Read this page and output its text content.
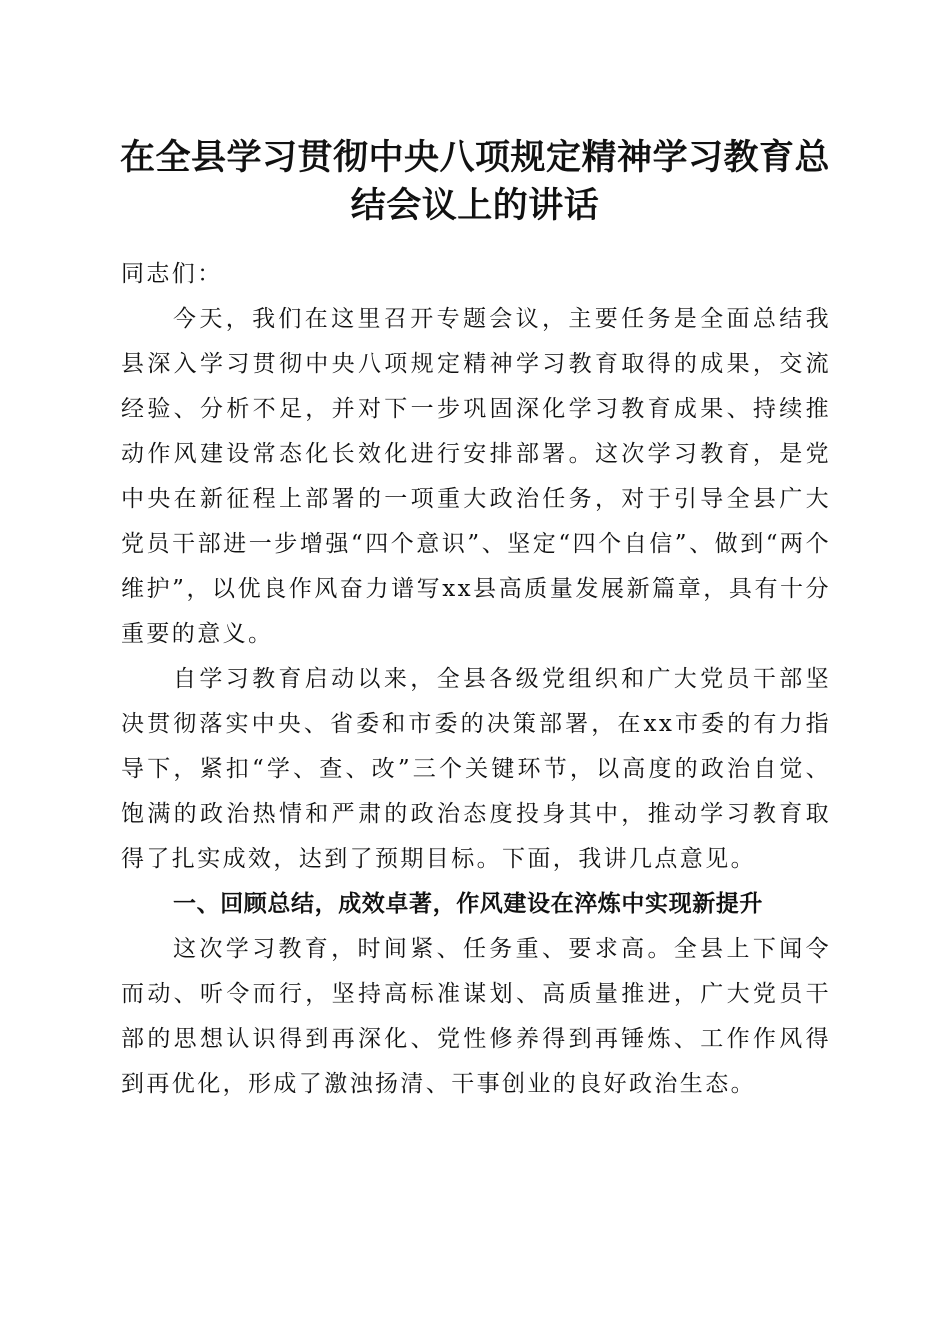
在全县学习贯彻中央八项规定精神学习教育总结会议上的讲话

同志们：

今天，我们在这里召开专题会议，主要任务是全面总结我县深入学习贯彻中央八项规定精神学习教育取得的成果，交流经验、分析不足，并对下一步巩固深化学习教育成果、持续推动作风建设常态化长效化进行安排部署。这次学习教育，是党中央在新征程上部署的一项重大政治任务，对于引导全县广大党员干部进一步增强“四个意识”、坚定“四个自信”、做到“两个维护”，以优良作风奋力谱写xx县高质量发展新篇章，具有十分重要的意义。

自学习教育启动以来，全县各级党组织和广大党员干部坚决贯彻落实中央、省委和市委的决策部署，在xx市委的有力指导下，紧扣“学、查、改”三个关键环节，以高度的政治自觉、饱满的政治热情和严肃的政治态度投身其中，推动学习教育取得了扎实成效，达到了预期目标。下面，我讲几点意见。

一、回顾总结，成效卓著，作风建设在淬炼中实现新提升

这次学习教育，时间紧、任务重、要求高。全县上下闻令而动、听令而行，坚持高标准谋划、高质量推进，广大党员干部的思想认识得到再深化、党性修养得到再锤炼、工作作风得到再优化，形成了激浊扬清、干事创业的良好政治生态。
